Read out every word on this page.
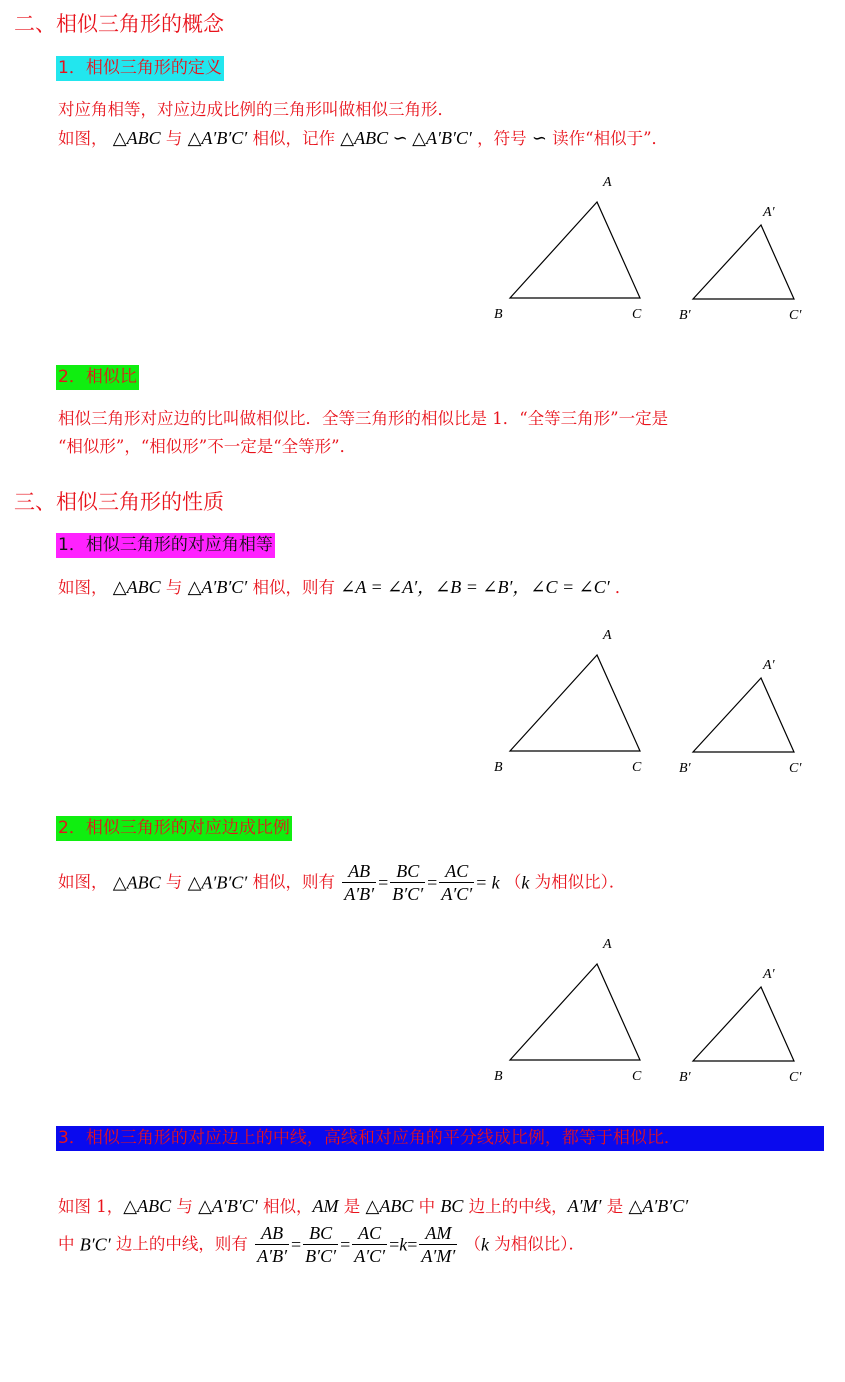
二、相似三角形的概念
1．相似三角形的定义
对应角相等，对应边成比例的三角形叫做相似三角形．
如图， △ABC 与 △A′B′C′ 相似，记作 △ABC ∽ △A′B′C′ ，符号 ∽ 读作“相似于”．
A
B	C
A′
B′	C′
2．相似比
相似三角形对应边的比叫做相似比．全等三角形的相似比是 1．“全等三角形”一定是
“相似形”，“相似形”不一定是“全等形”．
三、相似三角形的性质
1．相似三角形的对应角相等
如图， △ABC 与 △A′B′C′ 相似，则有 ∠A = ∠A′，∠B = ∠B′，∠C = ∠C′ ．
A
B	C
A′
B′	C′
2．相似三角形的对应边成比例
如图， △ABC 与 △A′B′C′ 相似，则有 $\frac{AB}{A'B'} = \frac{BC}{B'C'} = \frac{AC}{A'C'} = k$ （k 为相似比）．
A
B	C
A′
B′	C′
3．相似三角形的对应边上的中线，高线和对应角的平分线成比例，都等于相似比．
如图 1，△ABC 与 △A′B′C′ 相似，AM 是 △ABC 中 BC 边上的中线，A′M′ 是 △A′B′C′
中 B′C′ 边上的中线，则有 $\frac{AB}{A'B'} = \frac{BC}{B'C'} = \frac{AC}{A'C'} =k= \frac{AM}{A'M'} (k$ 为相似比）．
